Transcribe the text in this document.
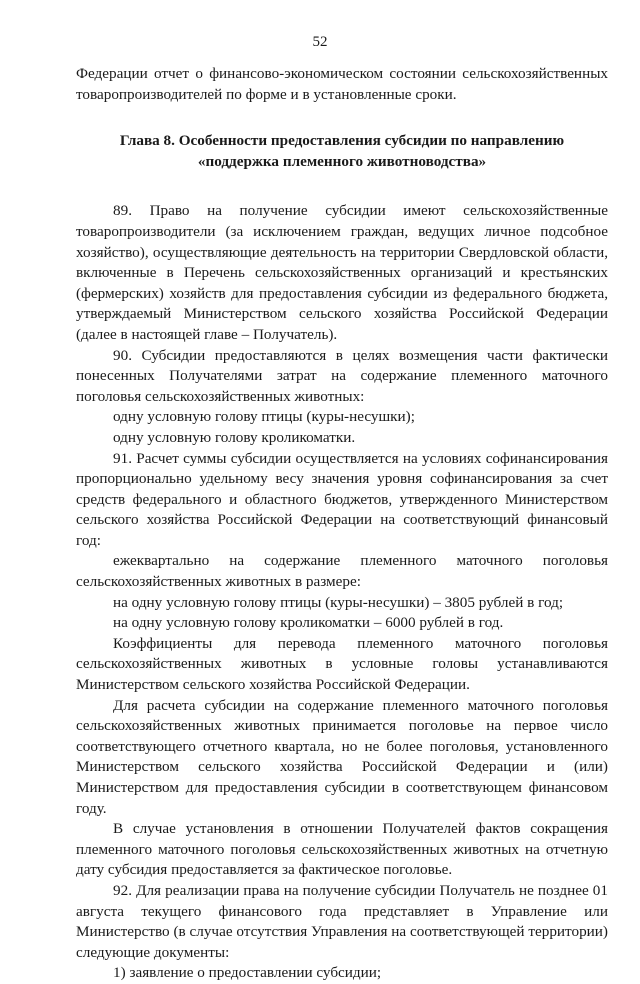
52

Федерации отчет о финансово-экономическом состоянии сельскохозяйственных товаропроизводителей по форме и в установленные сроки.

Глава 8. Особенности предоставления субсидии по направлению
«поддержка племенного животноводства»

89. Право на получение субсидии имеют сельскохозяйственные товаропроизводители (за исключением граждан, ведущих личное подсобное хозяйство), осуществляющие деятельность на территории Свердловской области, включенные в Перечень сельскохозяйственных организаций и крестьянских (фермерских) хозяйств для предоставления субсидии из федерального бюджета, утверждаемый Министерством сельского хозяйства Российской Федерации (далее в настоящей главе – Получатель).

90. Субсидии предоставляются в целях возмещения части фактически понесенных Получателями затрат на содержание племенного маточного поголовья сельскохозяйственных животных:

одну условную голову птицы (куры-несушки);

одну условную голову кроликоматки.

91. Расчет суммы субсидии осуществляется на условиях софинансирования пропорционально удельному весу значения уровня софинансирования за счет средств федерального и областного бюджетов, утвержденного Министерством сельского хозяйства Российской Федерации на соответствующий финансовый год:

ежеквартально на содержание племенного маточного поголовья сельскохозяйственных животных в размере:

на одну условную голову птицы (куры-несушки) – 3805 рублей в год;

на одну условную голову кроликоматки – 6000 рублей в год.

Коэффициенты для перевода племенного маточного поголовья сельскохозяйственных животных в условные головы устанавливаются Министерством сельского хозяйства Российской Федерации.

Для расчета субсидии на содержание племенного маточного поголовья сельскохозяйственных животных принимается поголовье на первое число соответствующего отчетного квартала, но не более поголовья, установленного Министерством сельского хозяйства Российской Федерации и (или) Министерством для предоставления субсидии в соответствующем финансовом году.

В случае установления в отношении Получателей фактов сокращения племенного маточного поголовья сельскохозяйственных животных на отчетную дату субсидия предоставляется за фактическое поголовье.

92. Для реализации права на получение субсидии Получатель не позднее 01 августа текущего финансового года представляет в Управление или Министерство (в случае отсутствия Управления на соответствующей территории) следующие документы:

1) заявление о предоставлении субсидии;
